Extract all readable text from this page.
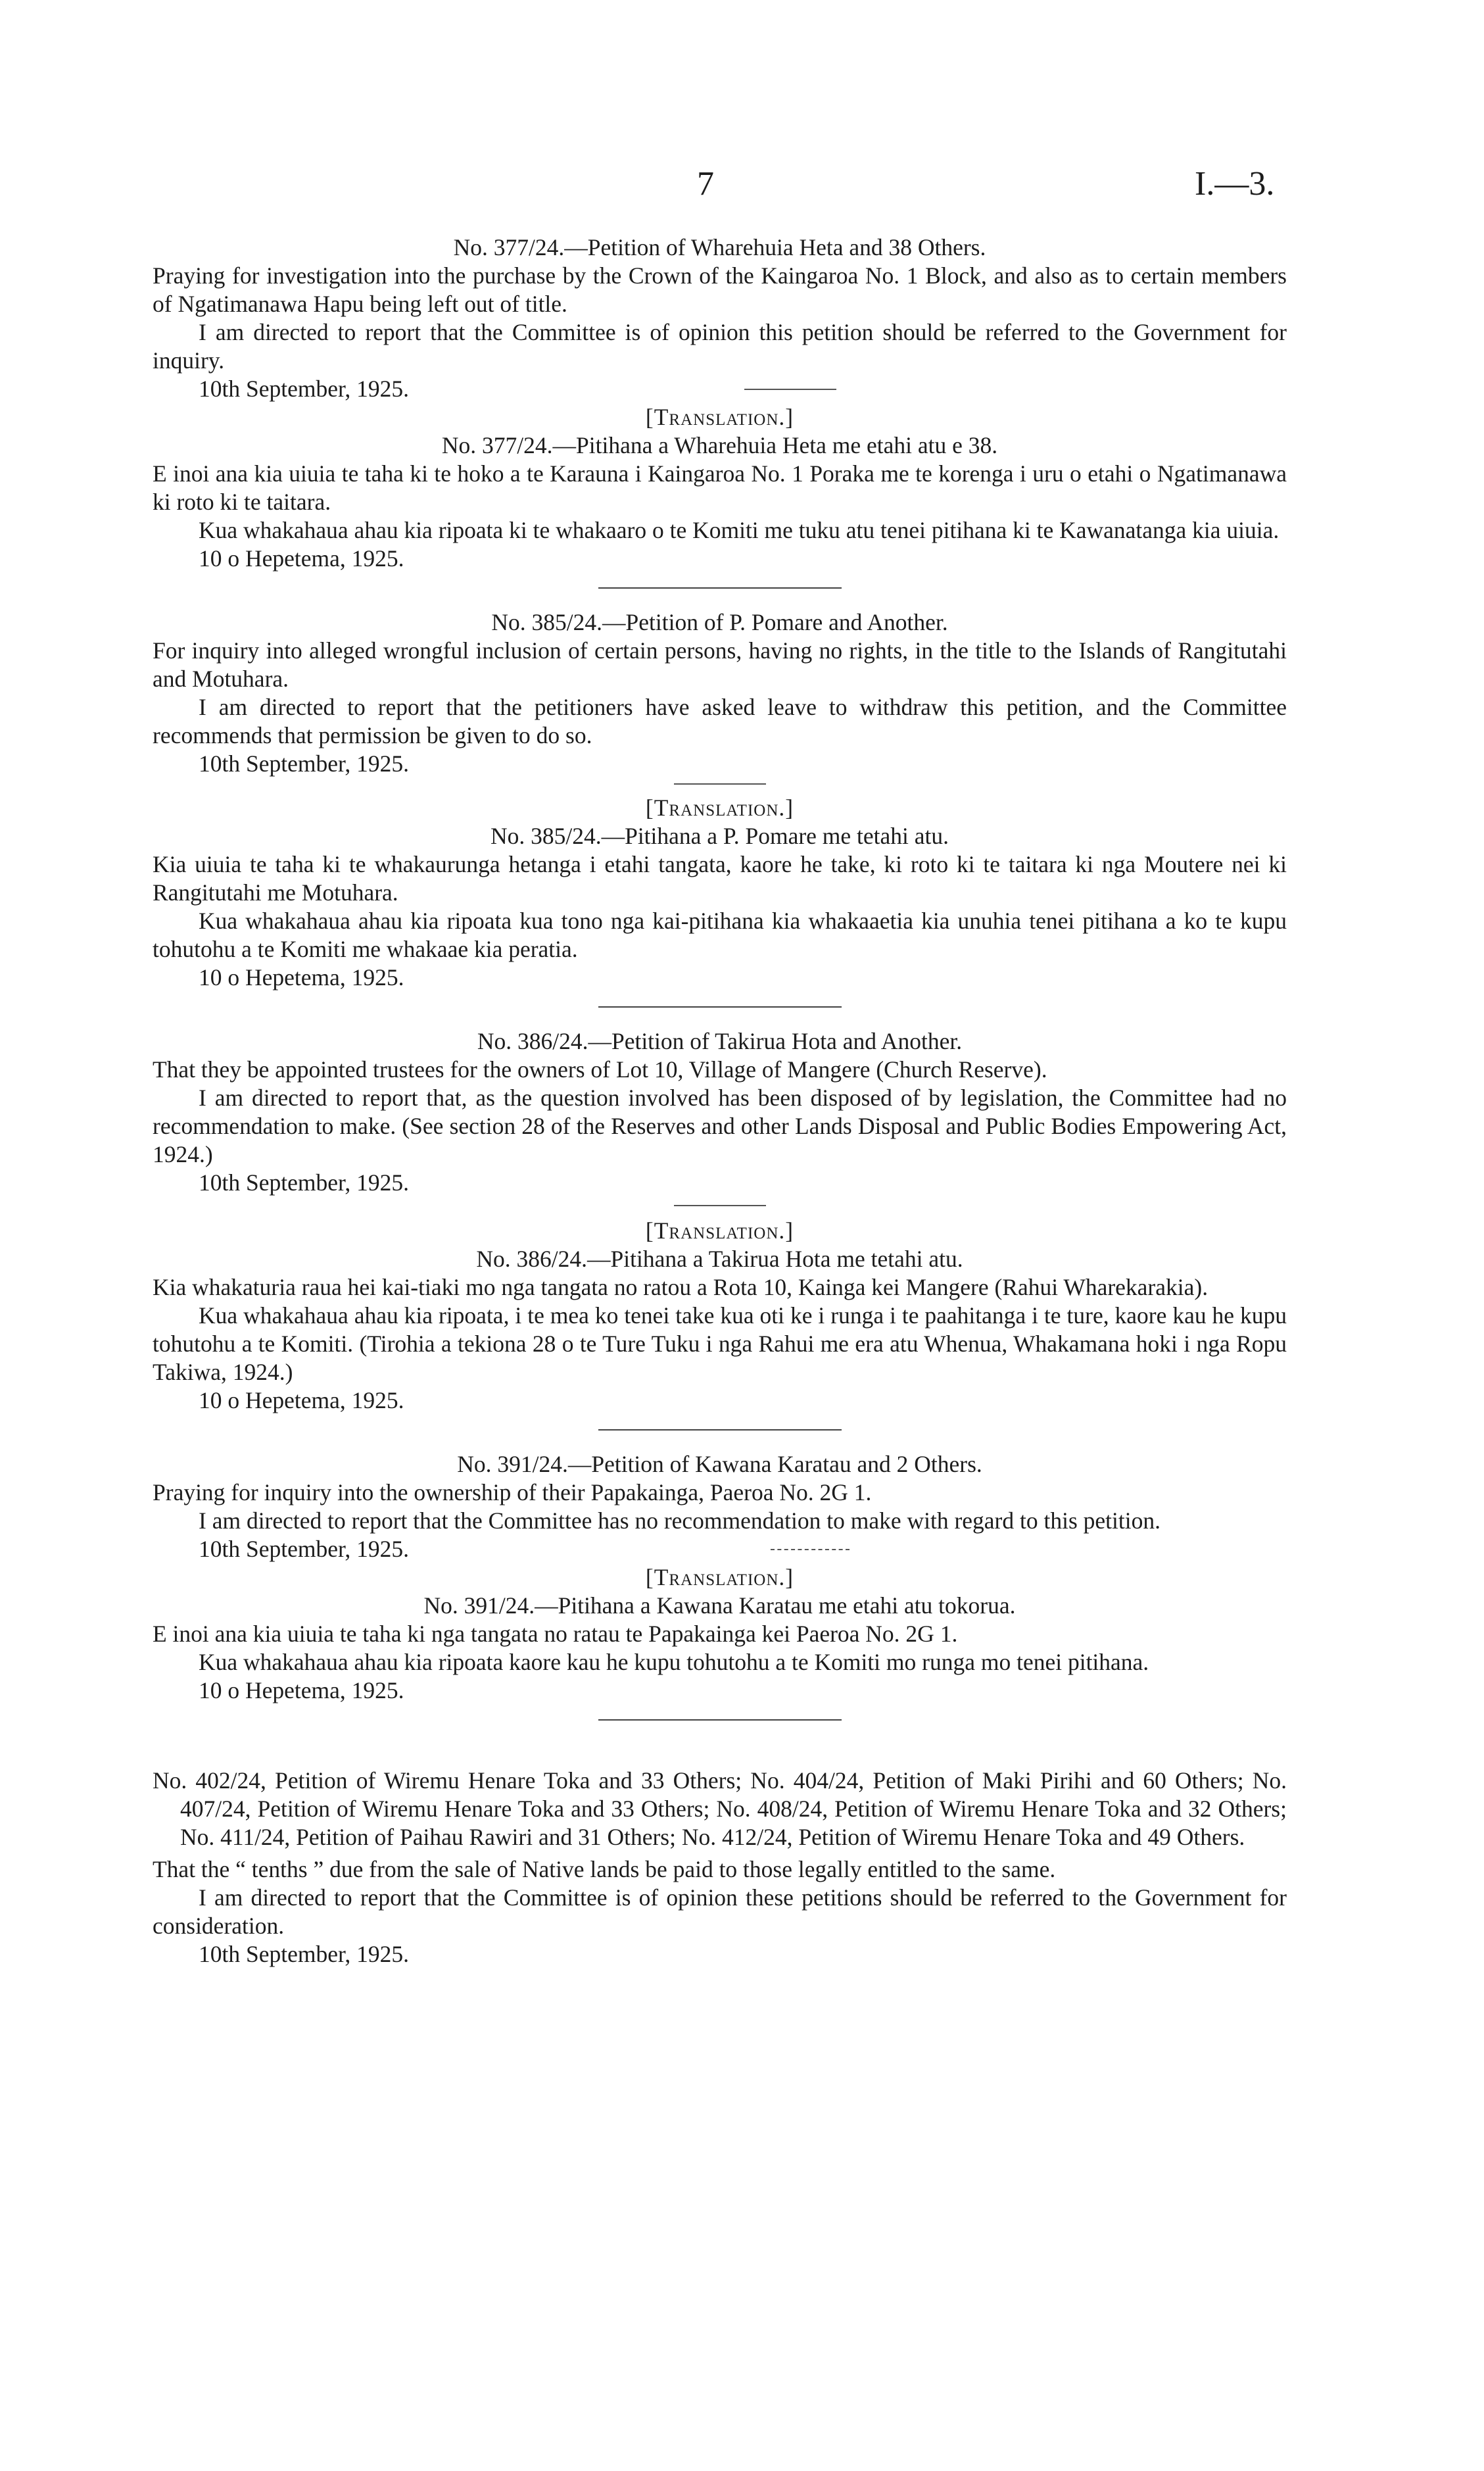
7	I.—3.

No. 377/24.—Petition of Wharehuia Heta and 38 Others.

Praying for investigation into the purchase by the Crown of the Kaingaroa No. 1 Block, and also as to certain members of Ngatimanawa Hapu being left out of title.

I am directed to report that the Committee is of opinion this petition should be referred to the Government for inquiry.

10th September, 1925.

[Translation.]

No. 377/24.—Pitihana a Wharehuia Heta me etahi atu e 38.

E inoi ana kia uiuia te taha ki te hoko a te Karauna i Kaingaroa No. 1 Poraka me te korenga i uru o etahi o Ngatimanawa ki roto ki te taitara.

Kua whakahaua ahau kia ripoata ki te whakaaro o te Komiti me tuku atu tenei pitihana ki te Kawanatanga kia uiuia.

10 o Hepetema, 1925.

No. 385/24.—Petition of P. Pomare and Another.

For inquiry into alleged wrongful inclusion of certain persons, having no rights, in the title to the Islands of Rangitutahi and Motuhara.

I am directed to report that the petitioners have asked leave to withdraw this petition, and the Committee recommends that permission be given to do so.

10th September, 1925.

[Translation.]

No. 385/24.—Pitihana a P. Pomare me tetahi atu.

Kia uiuia te taha ki te whakaurunga hetanga i etahi tangata, kaore he take, ki roto ki te taitara ki nga Moutere nei ki Rangitutahi me Motuhara.

Kua whakahaua ahau kia ripoata kua tono nga kai-pitihana kia whakaaetia kia unuhia tenei pitihana a ko te kupu tohutohu a te Komiti me whakaae kia peratia.

10 o Hepetema, 1925.

No. 386/24.—Petition of Takirua Hota and Another.

That they be appointed trustees for the owners of Lot 10, Village of Mangere (Church Reserve).

I am directed to report that, as the question involved has been disposed of by legislation, the Committee had no recommendation to make. (See section 28 of the Reserves and other Lands Disposal and Public Bodies Empowering Act, 1924.)

10th September, 1925.

[Translation.]

No. 386/24.—Pitihana a Takirua Hota me tetahi atu.

Kia whakaturia raua hei kai-tiaki mo nga tangata no ratou a Rota 10, Kainga kei Mangere (Rahui Wharekarakia).

Kua whakahaua ahau kia ripoata, i te mea ko tenei take kua oti ke i runga i te paahitanga i te ture, kaore kau he kupu tohutohu a te Komiti. (Tirohia a tekiona 28 o te Ture Tuku i nga Rahui me era atu Whenua, Whakamana hoki i nga Ropu Takiwa, 1924.)

10 o Hepetema, 1925.

No. 391/24.—Petition of Kawana Karatau and 2 Others.

Praying for inquiry into the ownership of their Papakainga, Paeroa No. 2G 1.

I am directed to report that the Committee has no recommendation to make with regard to this petition.

10th September, 1925.

[Translation.]

No. 391/24.—Pitihana a Kawana Karatau me etahi atu tokorua.

E inoi ana kia uiuia te taha ki nga tangata no ratau te Papakainga kei Paeroa No. 2G 1.

Kua whakahaua ahau kia ripoata kaore kau he kupu tohutohu a te Komiti mo runga mo tenei pitihana.

10 o Hepetema, 1925.

No. 402/24, Petition of Wiremu Henare Toka and 33 Others; No. 404/24, Petition of Maki Pirihi and 60 Others; No. 407/24, Petition of Wiremu Henare Toka and 33 Others; No. 408/24, Petition of Wiremu Henare Toka and 32 Others; No. 411/24, Petition of Paihau Rawiri and 31 Others; No. 412/24, Petition of Wiremu Henare Toka and 49 Others.

That the “ tenths ” due from the sale of Native lands be paid to those legally entitled to the same.

I am directed to report that the Committee is of opinion these petitions should be referred to the Government for consideration.

10th September, 1925.
